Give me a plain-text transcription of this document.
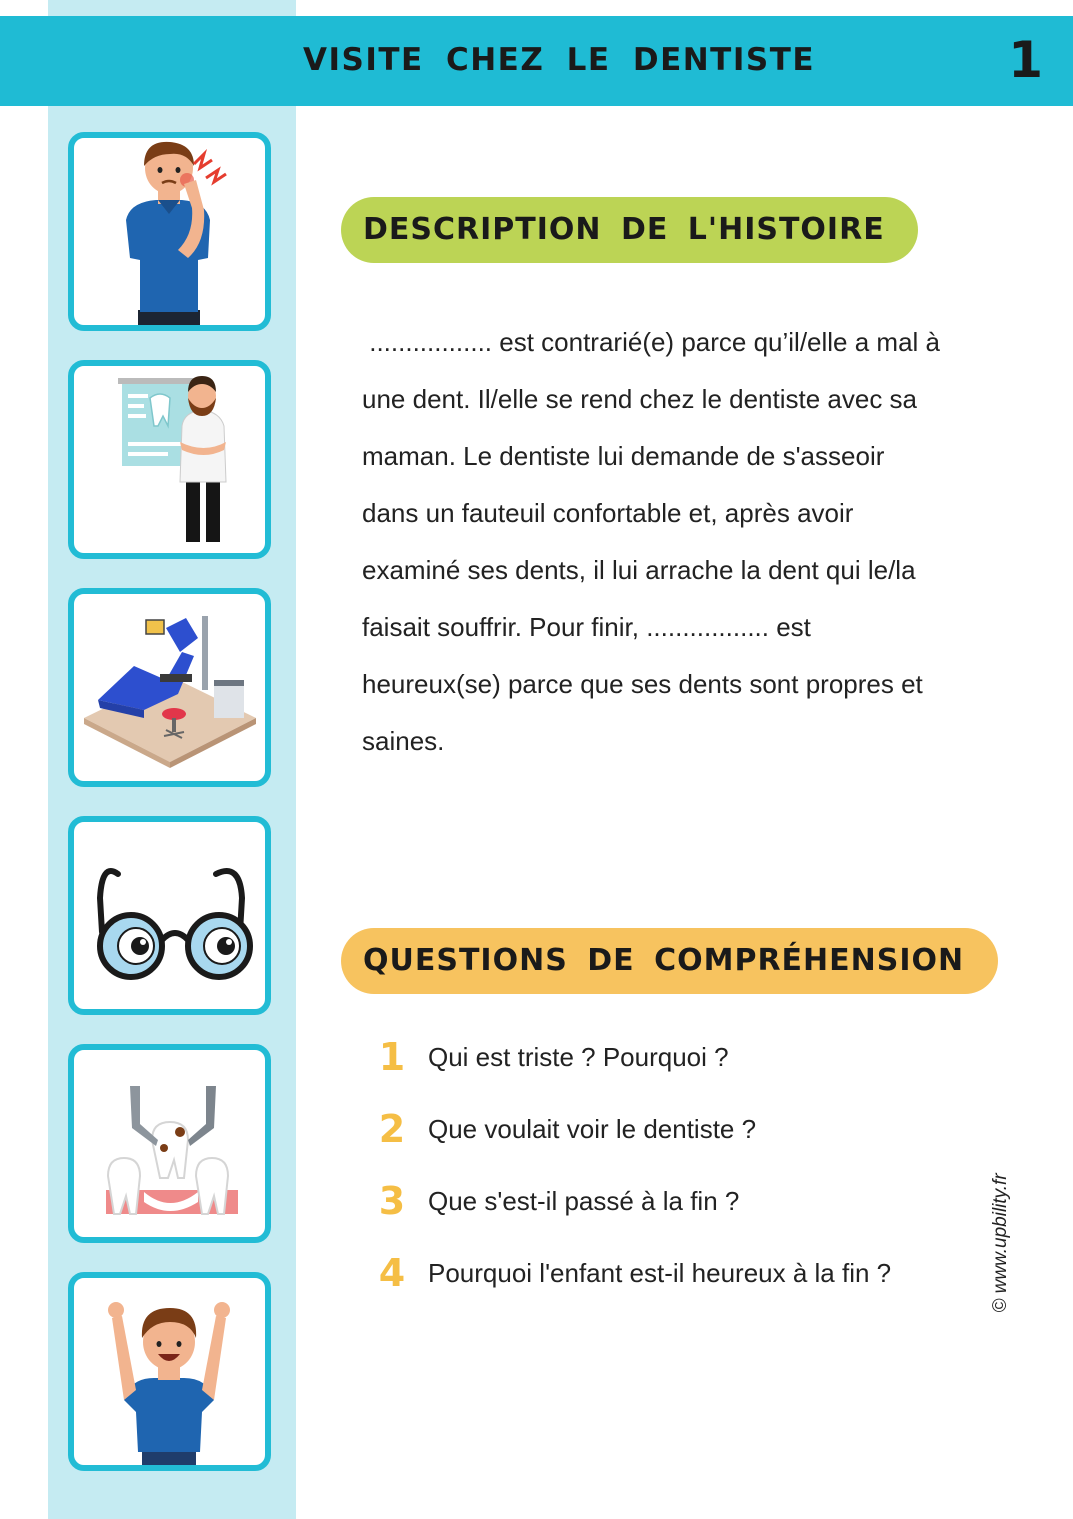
VISITE CHEZ LE DENTISTE	1
DESCRIPTION DE L'HISTOIRE
................. est contrarié(e) parce qu’il/elle a mal à
une dent. Il/elle se rend chez le dentiste avec sa
maman. Le dentiste lui demande de s'asseoir
dans un fauteuil confortable et, après avoir
examiné ses dents, il lui arrache la dent qui le/la
faisait souffrir. Pour finir, ................. est
heureux(se) parce que ses dents sont propres et
saines.
QUESTIONS DE COMPRÉHENSION
1 Qui est triste ? Pourquoi ?
2 Que voulait voir le dentiste ?
3 Que s'est-il passé à la fin ?
4 Pourquoi l'enfant est-il heureux à la fin ?	© www.upbility.fr
